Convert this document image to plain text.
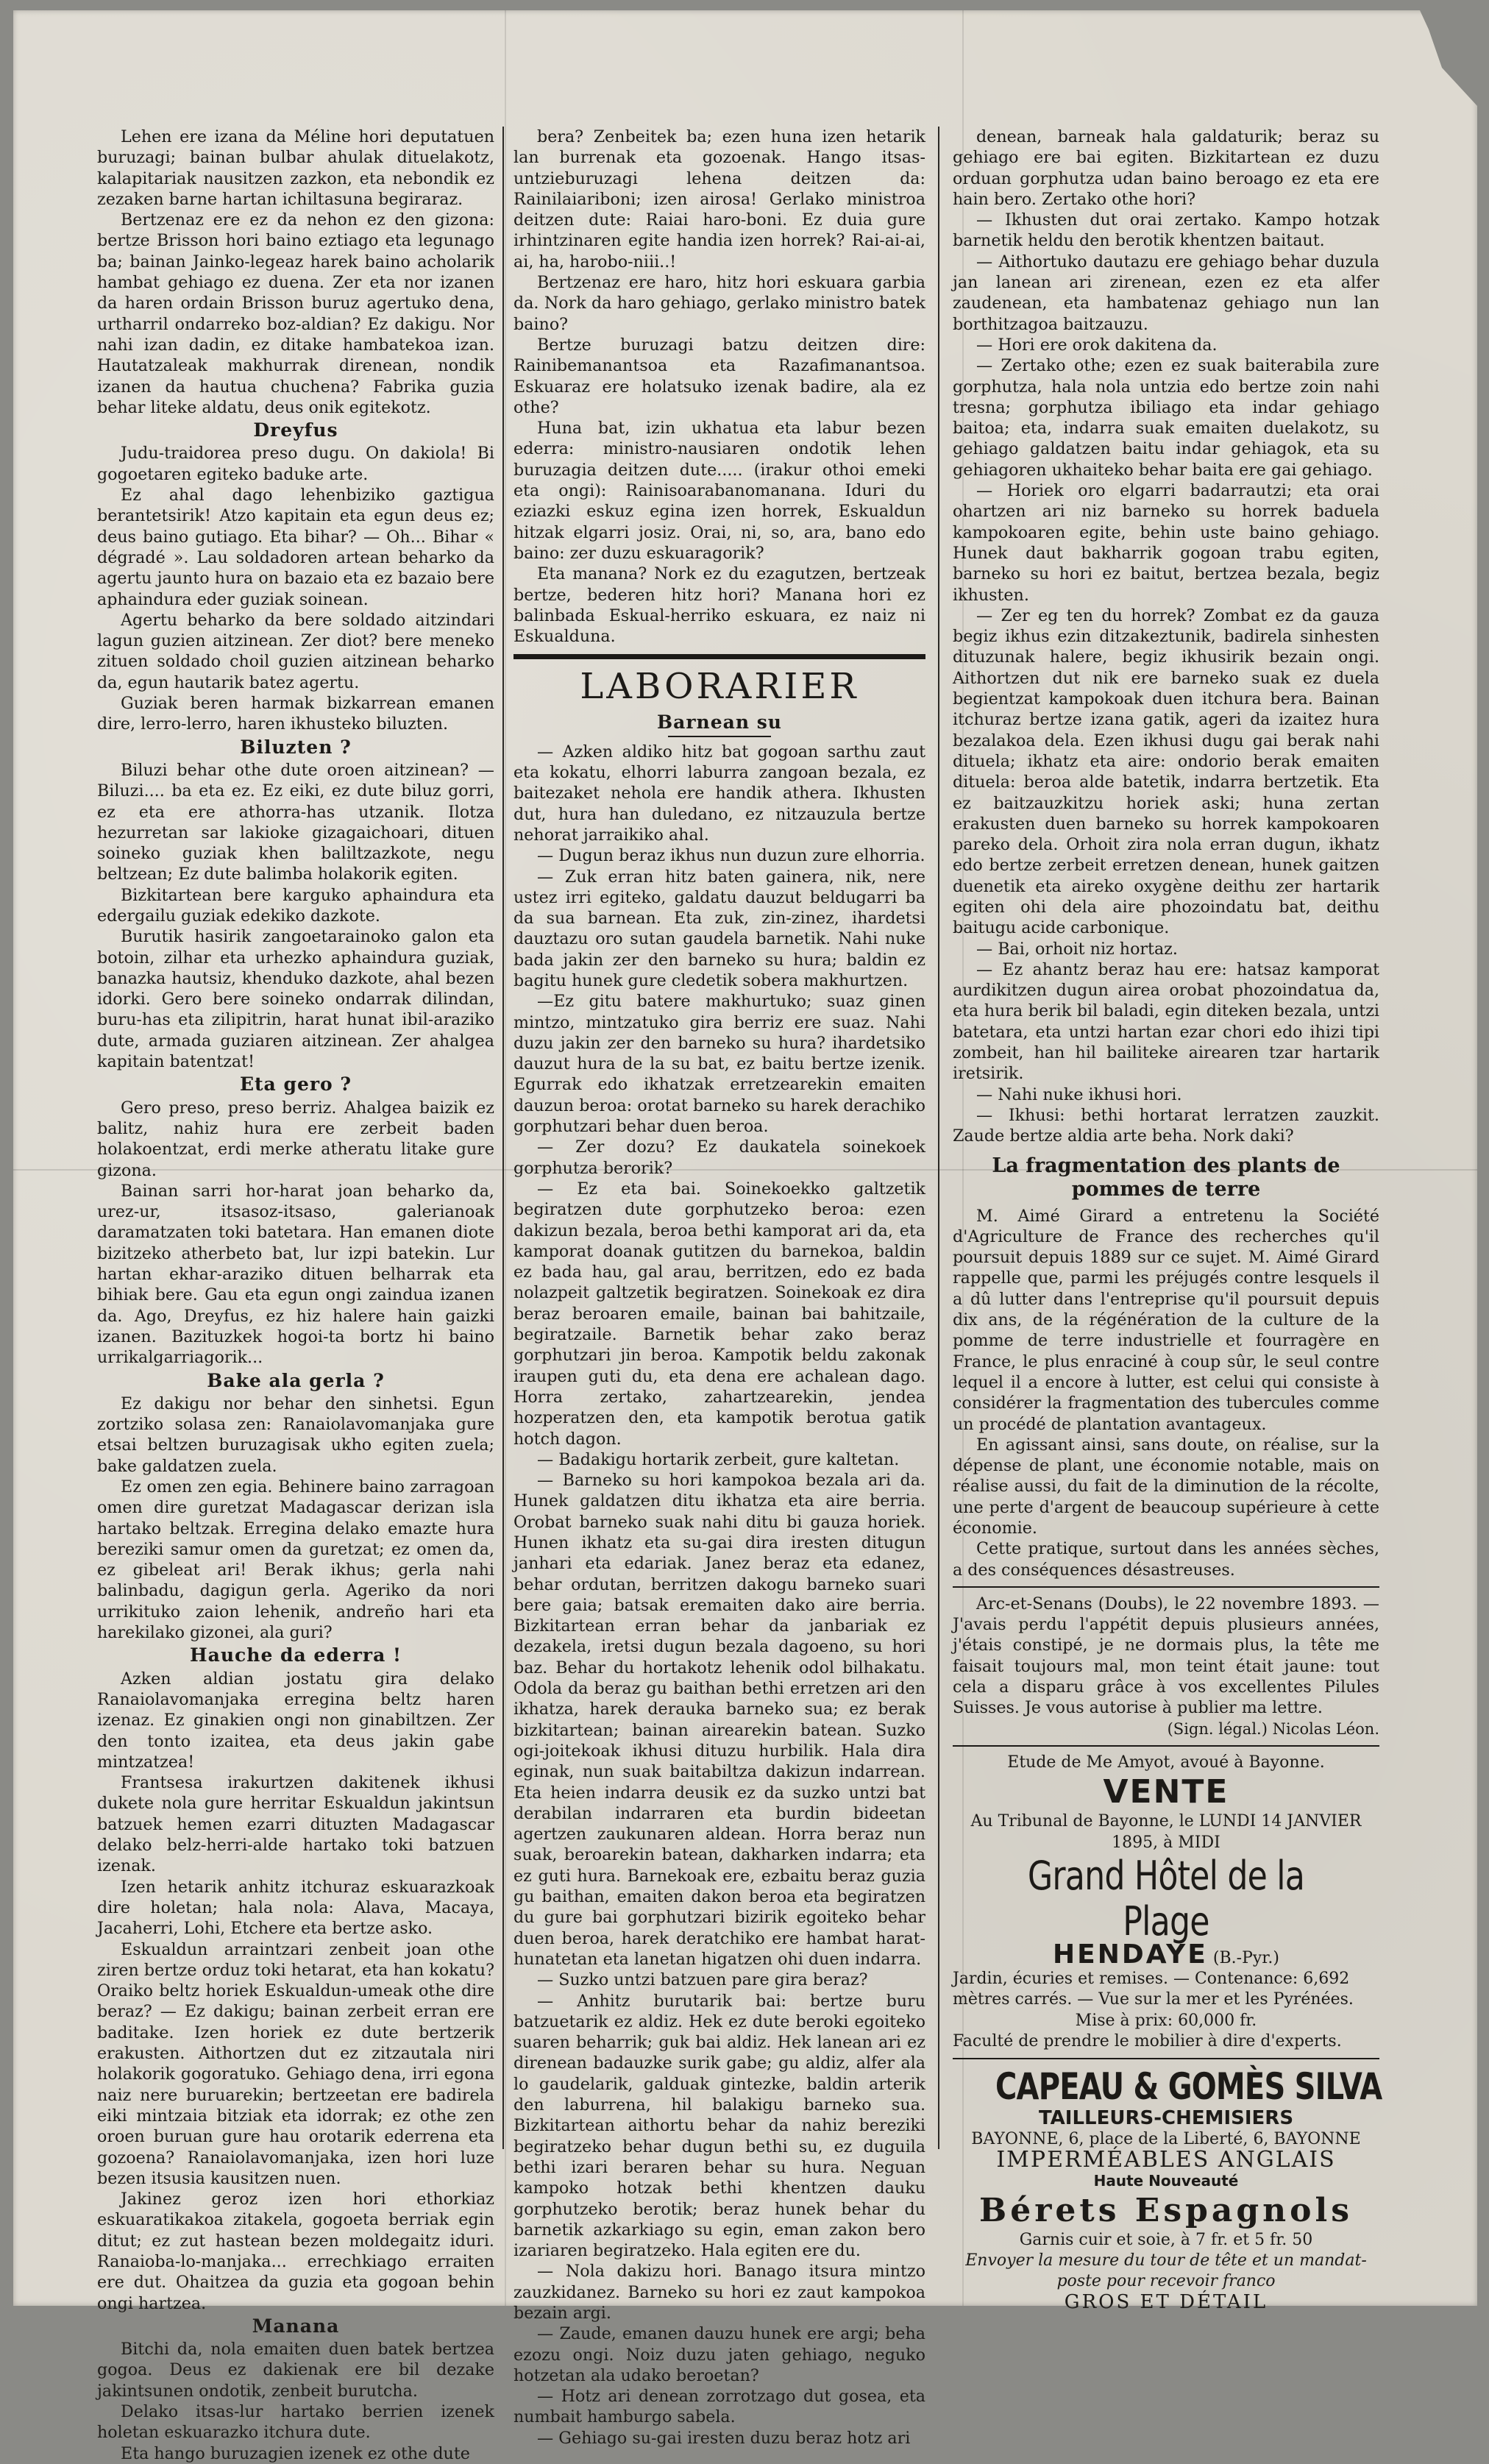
Lehen ere izana da Méline hori deputatuen buruzagi; bainan bulbar ahulak dituelakotz, kalapitariak nausitzen zazkon, eta nebondik ez zezaken barne hartan ichiltasuna begiraraz.

Bertzenaz ere ez da nehon ez den gizona: bertze Brisson hori baino eztiago eta legunago ba; bainan Jainko-legeaz harek baino acholarik hambat gehiago ez duena. Zer eta nor izanen da haren ordain Brisson buruz agertuko dena, urtharril ondarreko boz-aldian? Ez dakigu. Nor nahi izan dadin, ez ditake hambatekoa izan. Hautatzaleak makhurrak direnean, nondik izanen da hautua chuchena? Fabrika guzia behar liteke aldatu, deus onik egitekotz.

Dreyfus

Judu-traidorea preso dugu. On dakiola! Bi gogoetaren egiteko baduke arte.

Ez ahal dago lehenbiziko gaztigua berantetsirik! Atzo kapitain eta egun deus ez; deus baino gutiago. Eta bihar? — Oh... Bihar « dégradé ». Lau soldadoren artean beharko da agertu jaunto hura on bazaio eta ez bazaio bere aphaindura eder guziak soinean.

Agertu beharko da bere soldado aitzindari lagun guzien aitzinean. Zer diot? bere meneko zituen soldado choil guzien aitzinean beharko da, egun hautarik batez agertu.

Guziak beren harmak bizkarrean emanen dire, lerro-lerro, haren ikhusteko biluzten.

Biluzten ?

Biluzi behar othe dute oroen aitzinean? — Biluzi.... ba eta ez. Ez eiki, ez dute biluz gorri, ez eta ere athorra-has utzanik. Ilotza hezurretan sar lakioke gizagaichoari, dituen soineko guziak khen baliltzazkote, negu beltzean; Ez dute balimba holakorik egiten.

Bizkitartean bere karguko aphaindura eta edergailu guziak edekiko dazkote.

Burutik hasirik zangoetarainoko galon eta botoin, zilhar eta urhezko aphaindura guziak, banazka hautsiz, khenduko dazkote, ahal bezen idorki. Gero bere soineko ondarrak dilindan, buru-has eta zilipitrin, harat hunat ibil-araziko dute, armada guziaren aitzinean. Zer ahalgea kapitain batentzat!

Eta gero ?

Gero preso, preso berriz. Ahalgea baizik ez balitz, nahiz hura ere zerbeit baden holakoentzat, erdi merke atheratu litake gure gizona.

Bainan sarri hor-harat joan beharko da, urez-ur, itsasoz-itsaso, galerianoak daramatzaten toki batetara. Han emanen diote bizitzeko atherbeto bat, lur izpi batekin. Lur hartan ekhar-araziko dituen belharrak eta bihiak bere. Gau eta egun ongi zaindua izanen da. Ago, Dreyfus, ez hiz halere hain gaizki izanen. Bazituzkek hogoi-ta bortz hi baino urrikalgarriagorik...

Bake ala gerla ?

Ez dakigu nor behar den sinhetsi. Egun zortziko solasa zen: Ranaiolavomanjaka gure etsai beltzen buruzagisak ukho egiten zuela; bake galdatzen zuela.

Ez omen zen egia. Behinere baino zarragoan omen dire guretzat Madagascar derizan isla hartako beltzak. Erregina delako emazte hura bereziki samur omen da guretzat; ez omen da, ez gibeleat ari! Berak ikhus; gerla nahi balinbadu, dagigun gerla. Ageriko da nori urrikituko zaion lehenik, andreño hari eta harekilako gizonei, ala guri?

Hauche da ederra !

Azken aldian jostatu gira delako Ranaiolavomanjaka erregina beltz haren izenaz. Ez ginakien ongi non ginabiltzen. Zer den tonto izaitea, eta deus jakin gabe mintzatzea!

Frantsesa irakurtzen dakitenek ikhusi dukete nola gure herritar Eskualdun jakintsun batzuek hemen ezarri dituzten Madagascar delako belz-herri-alde hartako toki batzuen izenak.

Izen hetarik anhitz itchuraz eskuarazkoak dire holetan; hala nola: Alava, Macaya, Jacaherri, Lohi, Etchere eta bertze asko.

Eskualdun arraintzari zenbeit joan othe ziren bertze orduz toki hetarat, eta han kokatu? Oraiko beltz horiek Eskualdun-umeak othe dire beraz? — Ez dakigu; bainan zerbeit erran ere baditake. Izen horiek ez dute bertzerik erakusten. Aithortzen dut ez zitzautala niri holakorik gogoratuko. Gehiago dena, irri egona naiz nere buruarekin; bertzeetan ere badirela eiki mintzaia bitziak eta idorrak; ez othe zen oroen buruan gure hau orotarik ederrena eta gozoena? Ranaiolavomanjaka, izen hori luze bezen itsusia kausitzen nuen.

Jakinez geroz izen hori ethorkiaz eskuaratikakoa zitakela, gogoeta berriak egin ditut; ez zut hastean bezen moldegaitz iduri. Ranaioba-lo-manjaka... errechkiago erraiten ere dut. Ohaitzea da guzia eta gogoan behin ongi hartzea.

Manana

Bitchi da, nola emaiten duen batek bertzea gogoa. Deus ez dakienak ere bil dezake jakintsunen ondotik, zenbeit burutcha.

Delako itsas-lur hartako berrien izenek holetan eskuarazko itchura dute.

Eta hango buruzagien izenek ez othe dute

bera? Zenbeitek ba; ezen huna izen hetarik lan burrenak eta gozoenak. Hango itsas-untzieburuzagi lehena deitzen da: Rainilaiariboni; izen airosa! Gerlako ministroa deitzen dute: Raiai haro-boni. Ez duia gure irhintzinaren egite handia izen horrek? Rai-ai-ai, ai, ha, harobo-niii..!

Bertzenaz ere haro, hitz hori eskuara garbia da. Nork da haro gehiago, gerlako ministro batek baino?

Bertze buruzagi batzu deitzen dire: Rainibemanantsoa eta Razafimanantsoa. Eskuaraz ere holatsuko izenak badire, ala ez othe?

Huna bat, izin ukhatua eta labur bezen ederra: ministro-nausiaren ondotik lehen buruzagia deitzen dute..... (irakur othoi emeki eta ongi): Rainisoarabanomanana. Iduri du eziazki eskuz egina izen horrek, Eskualdun hitzak elgarri josiz. Orai, ni, so, ara, bano edo baino: zer duzu eskuaragorik?

Eta manana? Nork ez du ezagutzen, bertzeak bertze, bederen hitz hori? Manana hori ez balinbada Eskual-herriko eskuara, ez naiz ni Eskualduna.

LABORARIER
Barnean su

— Azken aldiko hitz bat gogoan sarthu zaut eta kokatu, elhorri laburra zangoan bezala, ez baitezaket nehola ere handik athera. Ikhusten dut, hura han duledano, ez nitzauzula bertze nehorat jarraikiko ahal.

— Dugun beraz ikhus nun duzun zure elhorria.

— Zuk erran hitz baten gainera, nik, nere ustez irri egiteko, galdatu dauzut beldugarri ba da sua barnean. Eta zuk, zin-zinez, ihardetsi dauztazu oro sutan gaudela barnetik. Nahi nuke bada jakin zer den barneko su hura; baldin ez bagitu hunek gure cledetik sobera makhurtzen.

—Ez gitu batere makhurtuko; suaz ginen mintzo, mintzatuko gira berriz ere suaz. Nahi duzu jakin zer den barneko su hura? ihardetsiko dauzut hura de la su bat, ez baitu bertze izenik. Egurrak edo ikhatzak erretzearekin emaiten dauzun beroa: orotat barneko su harek derachiko gorphutzari behar duen beroa.

— Zer dozu? Ez daukatela soinekoek gorphutza berorik?

— Ez eta bai. Soinekoekko galtzetik begiratzen dute gorphutzeko beroa: ezen dakizun bezala, beroa bethi kamporat ari da, eta kamporat doanak gutitzen du barnekoa, baldin ez bada hau, gal arau, berritzen, edo ez bada nolazpeit galtzetik begiratzen. Soinekoak ez dira beraz beroaren emaile, bainan bai bahitzaile, begiratzaile. Barnetik behar zako beraz gorphutzari jin beroa. Kampotik beldu zakonak iraupen guti du, eta dena ere achalean dago. Horra zertako, zahartzearekin, jendea hozperatzen den, eta kampotik berotua gatik hotch dagon.

— Badakigu hortarik zerbeit, gure kaltetan.

— Barneko su hori kampokoa bezala ari da. Hunek galdatzen ditu ikhatza eta aire berria. Orobat barneko suak nahi ditu bi gauza horiek. Hunen ikhatz eta su-gai dira iresten ditugun janhari eta edariak. Janez beraz eta edanez, behar ordutan, berritzen dakogu barneko suari bere gaia; batsak eremaiten dako aire berria. Bizkitartean erran behar da janbariak ez dezakela, iretsi dugun bezala dagoeno, su hori baz. Behar du hortakotz lehenik odol bilhakatu. Odola da beraz gu baithan bethi erretzen ari den ikhatza, harek derauka barneko sua; ez berak bizkitartean; bainan airearekin batean. Suzko ogi-joitekoak ikhusi dituzu hurbilik. Hala dira eginak, nun suak baitabiltza dakizun indarrean. Eta heien indarra deusik ez da suzko untzi bat derabilan indarraren eta burdin bideetan agertzen zaukunaren aldean. Horra beraz nun suak, beroarekin batean, dakharken indarra; eta ez guti hura. Barnekoak ere, ezbaitu beraz guzia gu baithan, emaiten dakon beroa eta begiratzen du gure bai gorphutzari bizirik egoiteko behar duen beroa, harek deratchiko ere hambat harat-hunatetan eta lanetan higatzen ohi duen indarra.

— Suzko untzi batzuen pare gira beraz?

— Anhitz burutarik bai: bertze buru batzuetarik ez aldiz. Hek ez dute beroki egoiteko suaren beharrik; guk bai aldiz. Hek lanean ari ez direnean badauzke surik gabe; gu aldiz, alfer ala lo gaudelarik, galduak gintezke, baldin arterik den laburrena, hil balakigu barneko sua. Bizkitartean aithortu behar da nahiz bereziki begiratzeko behar dugun bethi su, ez duguila bethi izari beraren behar su hura. Neguan kampoko hotzak bethi khentzen dauku gorphutzeko berotik; beraz hunek behar du barnetik azkarkiago su egin, eman zakon bero izariaren begiratzeko. Hala egiten ere du.

— Nola dakizu hori. Banago itsura mintzo zauzkidanez. Barneko su hori ez zaut kampokoa bezain argi.

— Zaude, emanen dauzu hunek ere argi; beha ezozu ongi. Noiz duzu jaten gehiago, neguko hotzetan ala udako beroetan?

— Hotz ari denean zorrotzago dut gosea, eta numbait hamburgo sabela.

— Gehiago su-gai iresten duzu beraz hotz ari

denean, barneak hala galdaturik; beraz su gehiago ere bai egiten. Bizkitartean ez duzu orduan gorphutza udan baino beroago ez eta ere hain bero. Zertako othe hori?

— Ikhusten dut orai zertako. Kampo hotzak barnetik heldu den berotik khentzen baitaut.

— Aithortuko dautazu ere gehiago behar duzula jan lanean ari zirenean, ezen ez eta alfer zaudenean, eta hambatenaz gehiago nun lan borthitzagoa baitzauzu.

— Hori ere orok dakitena da.

— Zertako othe; ezen ez suak baiterabila zure gorphutza, hala nola untzia edo bertze zoin nahi tresna; gorphutza ibiliago eta indar gehiago baitoa; eta, indarra suak emaiten duelakotz, su gehiago galdatzen baitu indar gehiagok, eta su gehiagoren ukhaiteko behar baita ere gai gehiago.

— Horiek oro elgarri badarrautzi; eta orai ohartzen ari niz barneko su horrek baduela kampokoaren egite, behin uste baino gehiago. Hunek daut bakharrik gogoan trabu egiten, barneko su hori ez baitut, bertzea bezala, begiz ikhusten.

— Zer eg ten du horrek? Zombat ez da gauza begiz ikhus ezin ditzakeztunik, badirela sinhesten dituzunak halere, begiz ikhusirik bezain ongi. Aithortzen dut nik ere barneko suak ez duela begientzat kampokoak duen itchura bera. Bainan itchuraz bertze izana gatik, ageri da izaitez hura bezalakoa dela. Ezen ikhusi dugu gai berak nahi dituela; ikhatz eta aire: ondorio berak emaiten dituela: beroa alde batetik, indarra bertzetik. Eta ez baitzauzkitzu horiek aski; huna zertan erakusten duen barneko su horrek kampokoaren pareko dela. Orhoit zira nola erran dugun, ikhatz edo bertze zerbeit erretzen denean, hunek gaitzen duenetik eta aireko oxygène deithu zer hartarik egiten ohi dela aire phozoindatu bat, deithu baitugu acide carbonique.

— Bai, orhoit niz hortaz.

— Ez ahantz beraz hau ere: hatsaz kamporat aurdikitzen dugun airea orobat phozoindatua da, eta hura berik bil baladi, egin diteken bezala, untzi batetara, eta untzi hartan ezar chori edo ihizi tipi zombeit, han hil bailiteke airearen tzar hartarik iretsirik.

— Nahi nuke ikhusi hori.

— Ikhusi: bethi hortarat lerratzen zauzkit. Zaude bertze aldia arte beha. Nork daki?

La fragmentation des plants de pommes de terre

M. Aimé Girard a entretenu la Société d'Agriculture de France des recherches qu'il poursuit depuis 1889 sur ce sujet. M. Aimé Girard rappelle que, parmi les préjugés contre lesquels il a dû lutter dans l'entreprise qu'il poursuit depuis dix ans, de la régénération de la culture de la pomme de terre industrielle et fourragère en France, le plus enraciné à coup sûr, le seul contre lequel il a encore à lutter, est celui qui consiste à considérer la fragmentation des tubercules comme un procédé de plantation avantageux.

En agissant ainsi, sans doute, on réalise, sur la dépense de plant, une économie notable, mais on réalise aussi, du fait de la diminution de la récolte, une perte d'argent de beaucoup supérieure à cette économie.

Cette pratique, surtout dans les années sèches, a des conséquences désastreuses.

Arc-et-Senans (Doubs), le 22 novembre 1893. — J'avais perdu l'appétit depuis plusieurs années, j'étais constipé, je ne dormais plus, la tête me faisait toujours mal, mon teint était jaune: tout cela a disparu grâce à vos excellentes Pilules Suisses. Je vous autorise à publier ma lettre.

(Sign. légal.) Nicolas Léon.
Etude de Me Amyot, avoué à Bayonne.
VENTE
Au Tribunal de Bayonne, le LUNDI 14 JANVIER 1895, à MIDI
Grand Hôtel de la Plage
HENDAYE (B.-Pyr.)
Jardin, écuries et remises. — Contenance: 6,692 mètres carrés. — Vue sur la mer et les Pyrénées.
Mise à prix: 60,000 fr.
Faculté de prendre le mobilier à dire d'experts.
CAPEAU & GOMÈS SILVA
TAILLEURS-CHEMISIERS
BAYONNE, 6, place de la Liberté, 6, BAYONNE
IMPERMÉABLES ANGLAIS
Haute Nouveauté
Bérets Espagnols
Garnis cuir et soie, à 7 fr. et 5 fr. 50
Envoyer la mesure du tour de tête et un mandat-poste pour recevoir franco
GROS ET DÉTAIL
